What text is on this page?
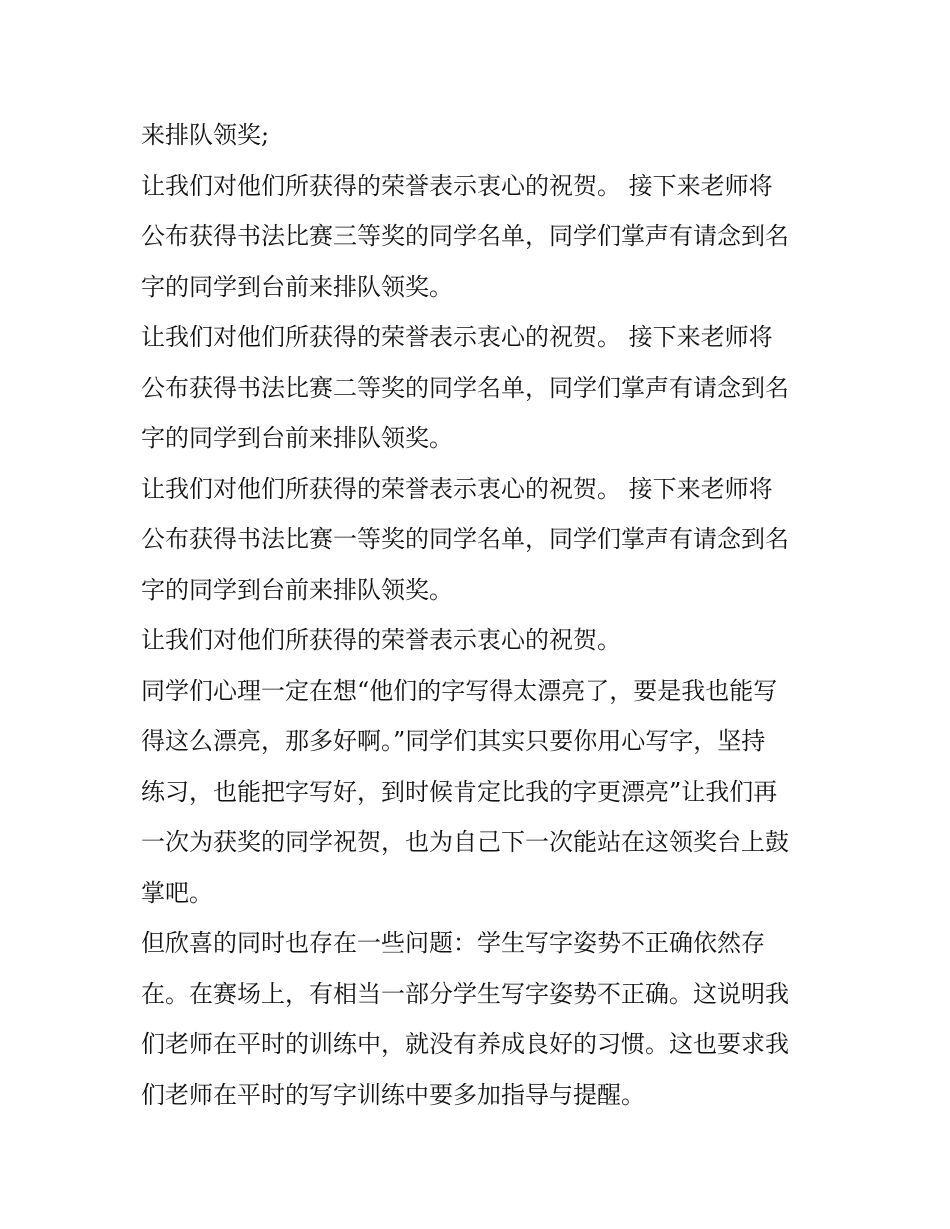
来排队领奖;
让我们对他们所获得的荣誉表示衷心的祝贺。 接下来老师将
公布获得书法比赛三等奖的同学名单，同学们掌声有请念到名
字的同学到台前来排队领奖。
让我们对他们所获得的荣誉表示衷心的祝贺。 接下来老师将
公布获得书法比赛二等奖的同学名单，同学们掌声有请念到名
字的同学到台前来排队领奖。
让我们对他们所获得的荣誉表示衷心的祝贺。 接下来老师将
公布获得书法比赛一等奖的同学名单，同学们掌声有请念到名
字的同学到台前来排队领奖。
让我们对他们所获得的荣誉表示衷心的祝贺。
同学们心理一定在想“他们的字写得太漂亮了，要是我也能写
得这么漂亮，那多好啊。”同学们其实只要你用心写字，坚持
练习，也能把字写好，到时候肯定比我的字更漂亮”让我们再
一次为获奖的同学祝贺，也为自己下一次能站在这领奖台上鼓
掌吧。
但欣喜的同时也存在一些问题：学生写字姿势不正确依然存
在。在赛场上，有相当一部分学生写字姿势不正确。这说明我
们老师在平时的训练中，就没有养成良好的习惯。这也要求我
们老师在平时的写字训练中要多加指导与提醒。
